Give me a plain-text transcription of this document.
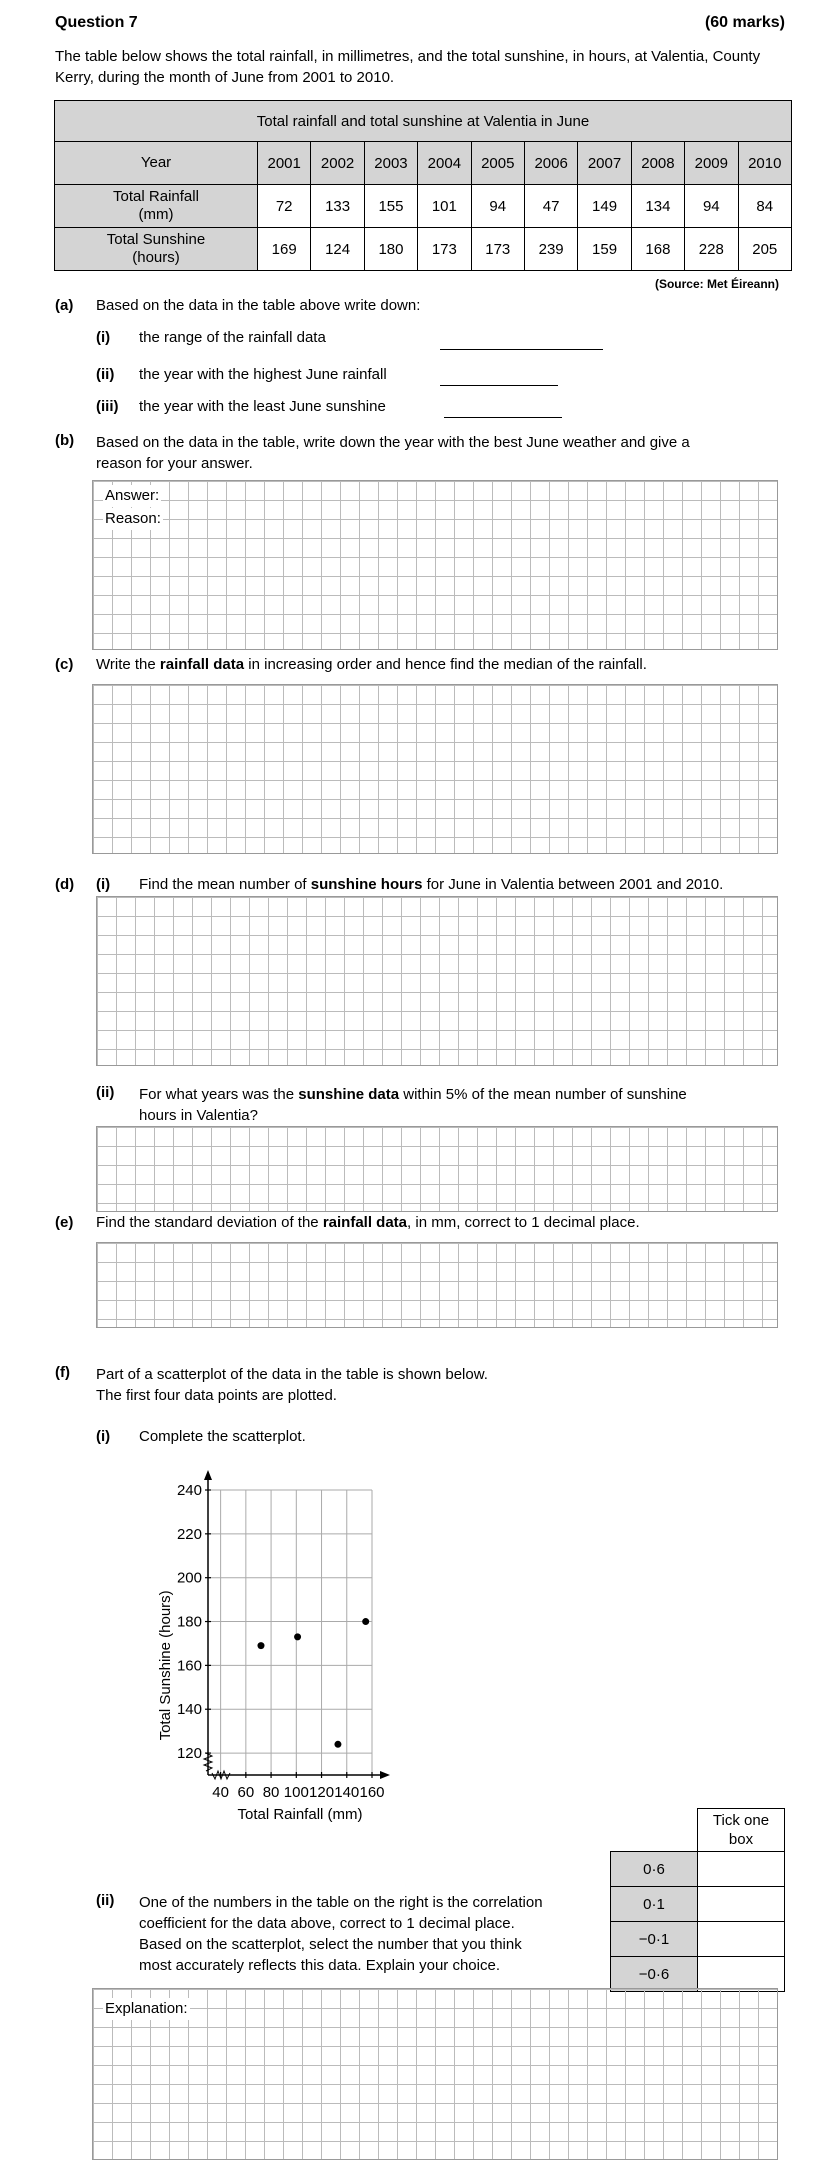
Question 7	(60 marks)
The table below shows the total rainfall, in millimetres, and the total sunshine, in hours, at Valentia, County Kerry, during the month of June from 2001 to 2010.
Total rainfall and total sunshine at Valentia in June										
Year	2001	2002	2003	2004	2005	2006	2007	2008	2009	2010
Total Rainfall
(mm)	72	133	155	101	94	47	149	134	94	84
Total Sunshine
(hours)	169	124	180	173	173	239	159	168	228	205
(Source: Met Éireann)
(a) Based on the data in the table above write down:
(i) the range of the rainfall data
(ii) the year with the highest June rainfall
(iii) the year with the least June sunshine
(b) Based on the data in the table, write down the year with the best June weather and give a
reason for your answer.
Answer:
Reason:
(c) Write the rainfall data in increasing order and hence find the median of the rainfall.
(d) (i) Find the mean number of sunshine hours for June in Valentia between 2001 and 2010.
(ii) For what years was the sunshine data within 5% of the mean number of sunshine
hours in Valentia?
(e) Find the standard deviation of the rainfall data, in mm, correct to 1 decimal place.
(f) Part of a scatterplot of the data in the table is shown below.
The first four data points are plotted.
(i) Complete the scatterplot.
40 60 80 100 120 140 160
120
140
160
180
200
220
240
Total Rainfall (mm)
Total Sunshine (hours)
	Tick one
box
0·6	
0·1	
−0·1	
−0·6	
(ii) One of the numbers in the table on the right is the correlation
coefficient for the data above, correct to 1 decimal place.
Based on the scatterplot, select the number that you think
most accurately reflects this data. Explain your choice.
Explanation:
